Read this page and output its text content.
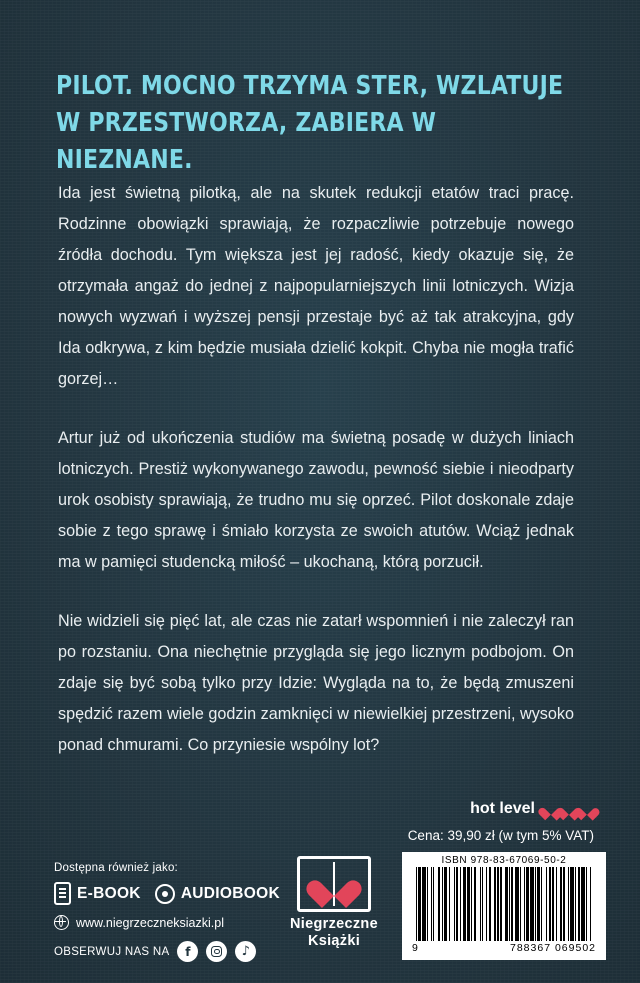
PILOT. MOCNO TRZYMA STER, WZLATUJE W PRZESTWORZA, ZABIERA W NIEZNANE.

Ida jest świetną pilotką, ale na skutek redukcji etatów traci pracę. Rodzinne obowiązki sprawiają, że rozpaczliwie potrzebuje nowego źródła dochodu. Tym większa jest jej radość, kiedy okazuje się, że otrzymała angaż do jednej z najpopularniejszych linii lotniczych. Wizja nowych wyzwań i wyższej pensji przestaje być aż tak atrakcyjna, gdy Ida odkrywa, z kim będzie musiała dzielić kokpit. Chyba nie mogła trafić gorzej…

Artur już od ukończenia studiów ma świetną posadę w dużych liniach lotniczych. Prestiż wykonywanego zawodu, pewność siebie i nieodparty urok osobisty sprawiają, że trudno mu się oprzeć. Pilot doskonale zdaje sobie z tego sprawę i śmiało korzysta ze swoich atutów. Wciąż jednak ma w pamięci studencką miłość – ukochaną, którą porzucił.

Nie widzieli się pięć lat, ale czas nie zatarł wspomnień i nie zaleczył ran po rozstaniu. Ona niechętnie przygląda się jego licznym podbojom. On zdaje się być sobą tylko przy Idzie: Wygląda na to, że będą zmuszeni spędzić razem wiele godzin zamknięci w niewielkiej przestrzeni, wysoko ponad chmurami. Co przyniesie wspólny lot?

hot level
Cena: 39,90 zł (w tym 5% VAT)
ISBN 978-83-67069-50-2
9	788367 069502
Niegrzeczne
Książki
Dostępna również jako:
E-BOOK	AUDIOBOOK
www.niegrzeczneksiazki.pl
OBSERWUJ NAS NA f	♪
